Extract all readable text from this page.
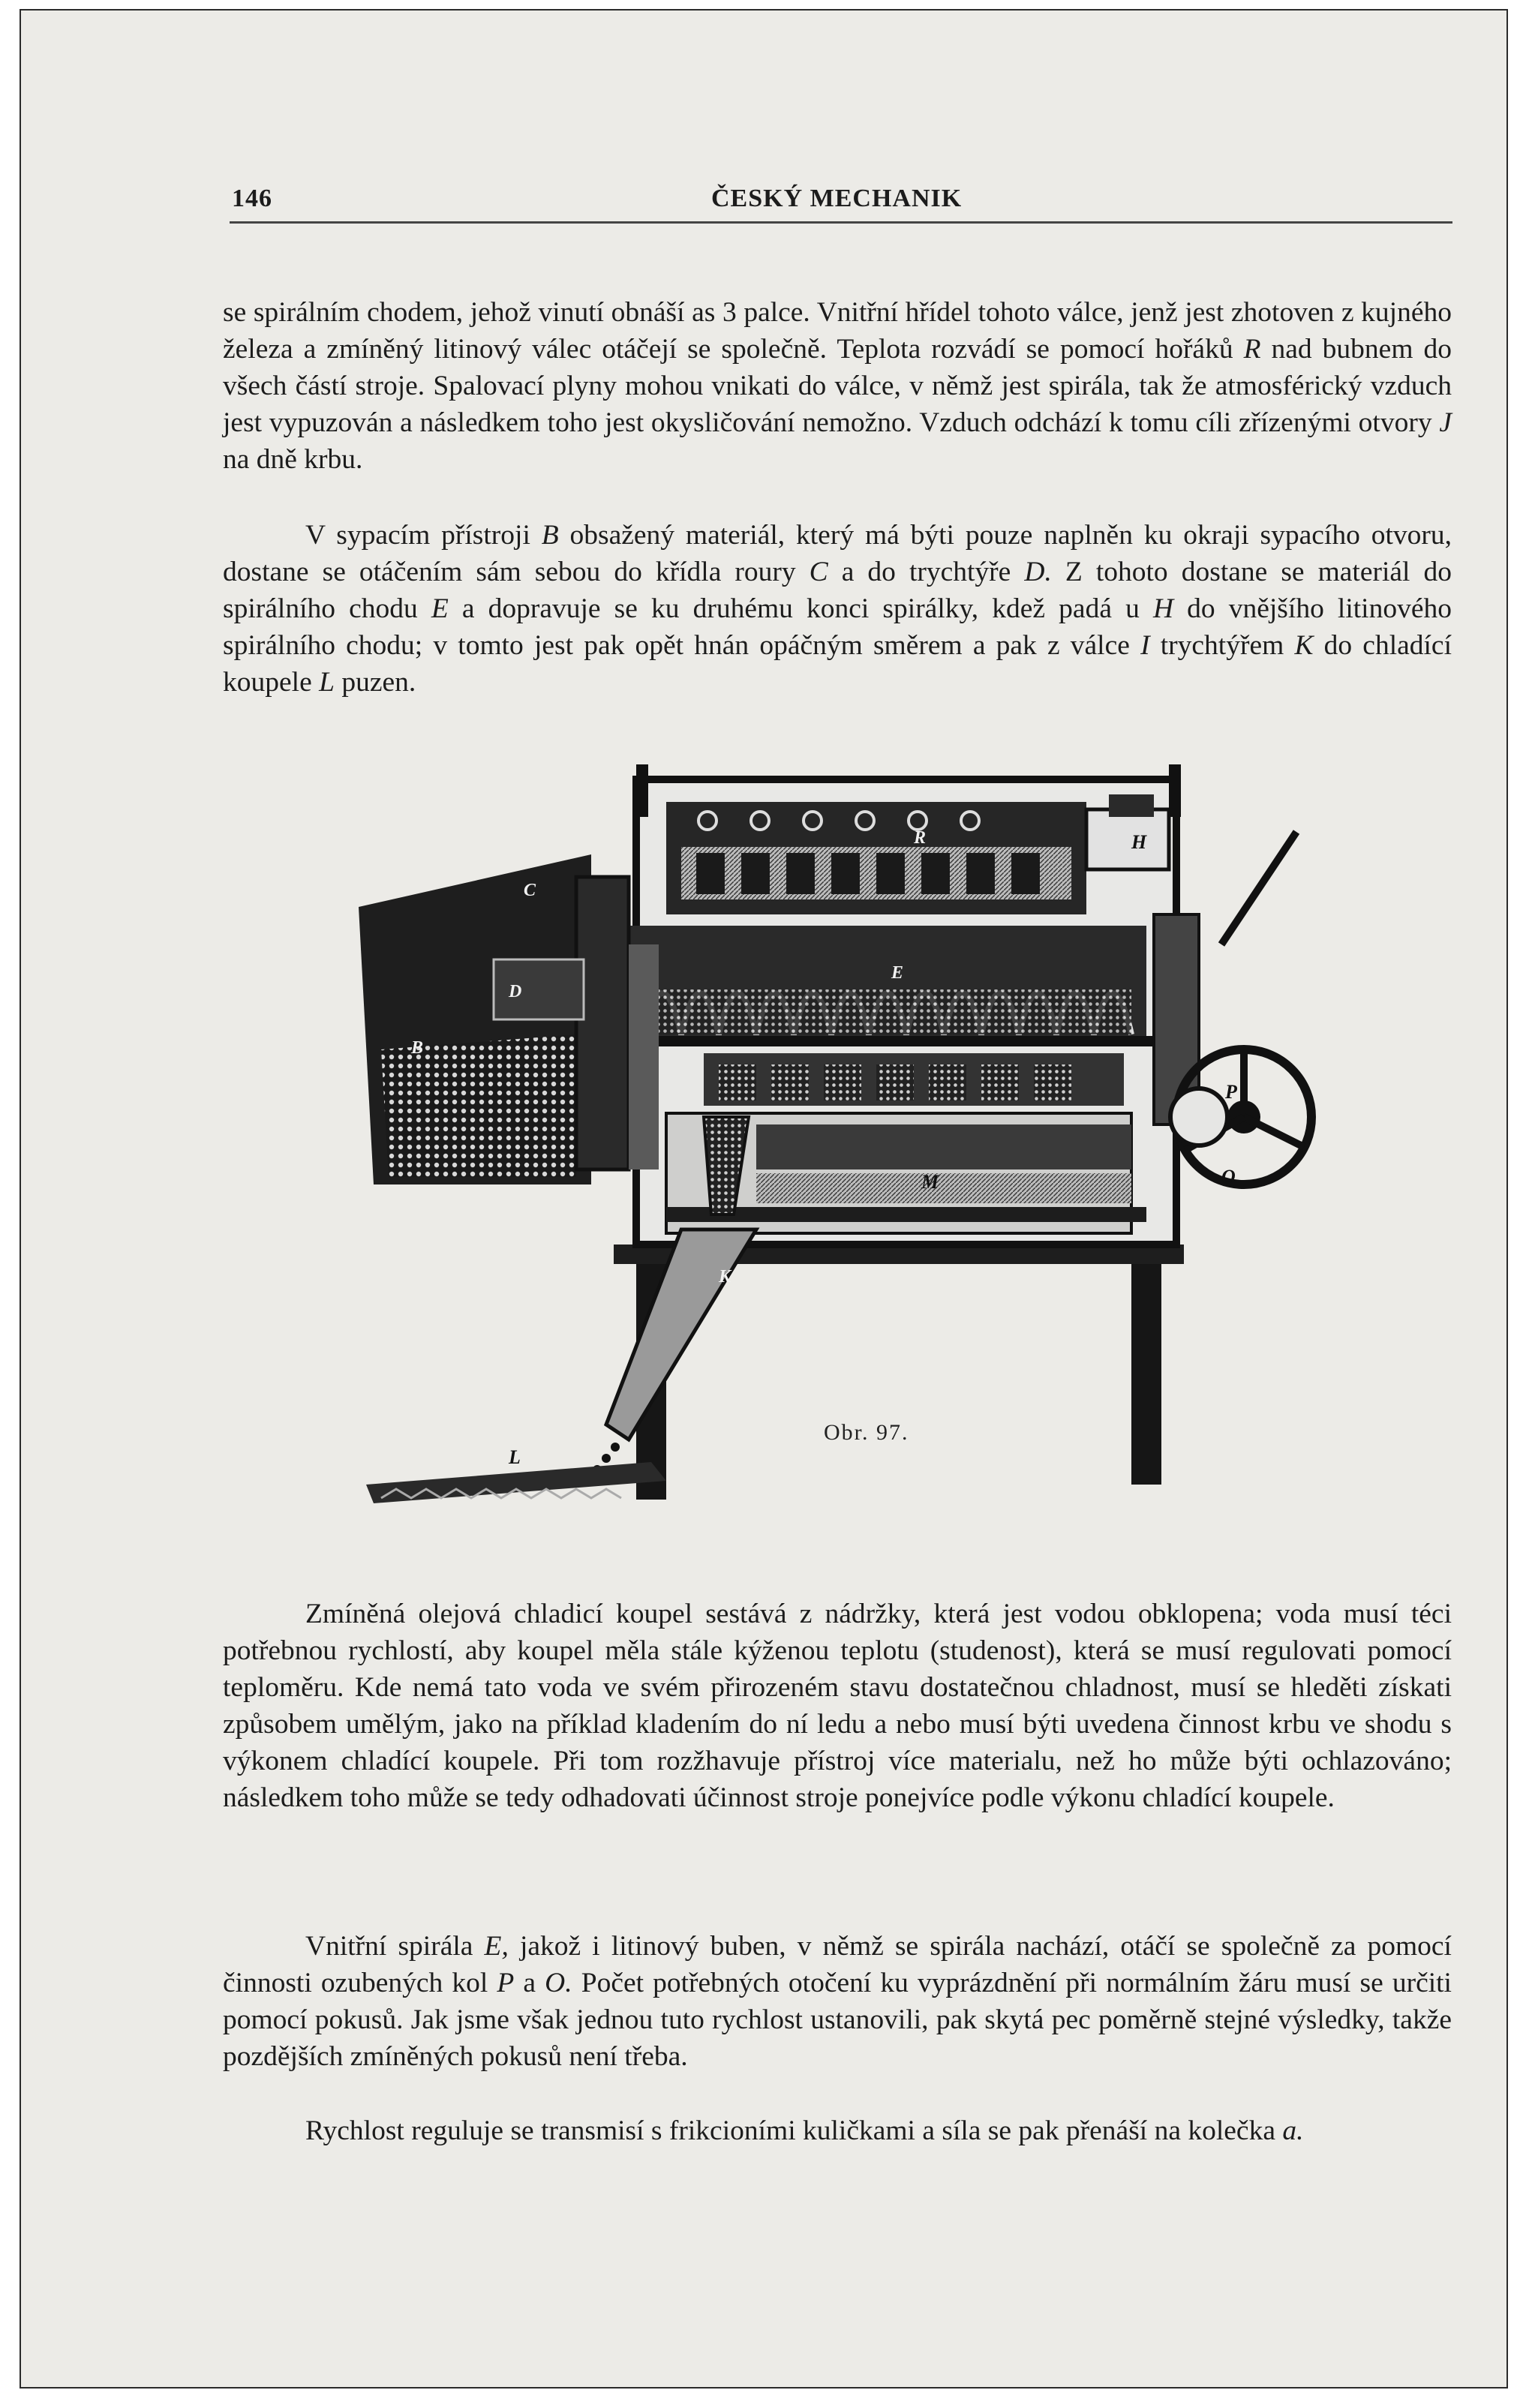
146	ČESKÝ MECHANIK

se spirálním chodem, jehož vinutí obnáší as 3 palce. Vnitřní hřídel tohoto válce, jenž jest zhotoven z kujného železa a zmíněný litinový válec otáčejí se společně. Teplota rozvádí se pomocí hořáků R nad bubnem do všech částí stroje. Spalovací plyny mohou vnikati do válce, v němž jest spirála, tak že atmosférický vzduch jest vypuzován a následkem toho jest okysličování nemožno. Vzduch odchází k tomu cíli zřízenými otvory J na dně krbu.

V sypacím přístroji B obsažený materiál, který má býti pouze naplněn ku okraji sypacího otvoru, dostane se otáčením sám sebou do křídla roury C a do trychtýře D. Z tohoto dostane se materiál do spirálního chodu E a dopravuje se ku druhému konci spirálky, kdež padá u H do vnějšího litinového spirálního chodu; v tomto jest pak opět hnán opáčným směrem a pak z válce I trychtýřem K do chladící koupele L puzen.

C
D
B
R	H
E
M
K
P
O
L
Obr. 97.

Zmíněná olejová chladicí koupel sestává z nádržky, která jest vodou obklopena; voda musí téci potřebnou rychlostí, aby koupel měla stále kýženou teplotu (studenost), která se musí regulovati pomocí teploměru. Kde nemá tato voda ve svém přirozeném stavu dostatečnou chladnost, musí se hleděti získati způsobem umělým, jako na příklad kladením do ní ledu a nebo musí býti uvedena činnost krbu ve shodu s výkonem chladící koupele. Při tom rozžhavuje přístroj více materialu, než ho může býti ochlazováno; následkem toho může se tedy odhadovati účinnost stroje ponejvíce podle výkonu chladící koupele.

Vnitřní spirála E, jakož i litinový buben, v němž se spirála nachází, otáčí se společně za pomocí činnosti ozubených kol P a O. Počet potřebných otočení ku vyprázdnění při normálním žáru musí se určiti pomocí pokusů. Jak jsme však jednou tuto rychlost ustanovili, pak skytá pec poměrně stejné výsledky, takže pozdějších zmíněných pokusů není třeba.

Rychlost reguluje se transmisí s frikcioními kuličkami a síla se pak přenáší na kolečka a.
